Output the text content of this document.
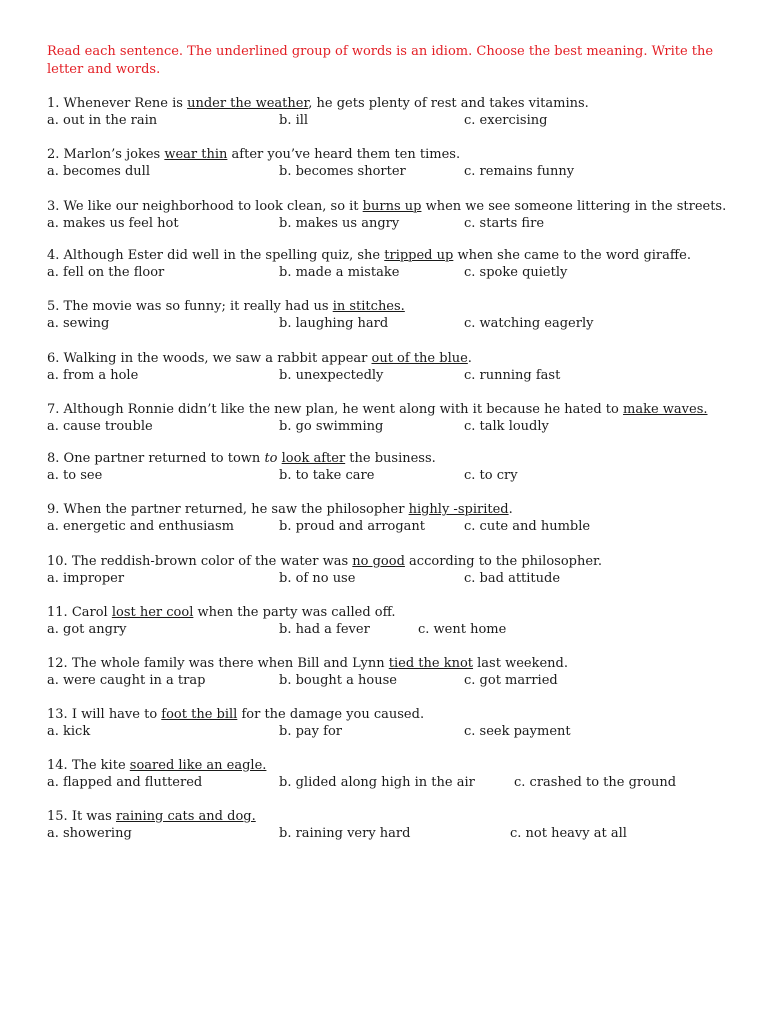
Read each sentence. The underlined group of words is an idiom. Choose the best meaning. Write the letter and words.
1. Whenever Rene is under the weather, he gets plenty of rest and takes vitamins.
a. out in the rain	b. ill	c. exercising
2. Marlon’s jokes wear thin after you’ve heard them ten times.
a. becomes dull	b. becomes shorter	c. remains funny
3. We like our neighborhood to look clean, so it burns up when we see someone littering in the streets.
a. makes us feel hot	b. makes us angry	c. starts fire
4. Although Ester did well in the spelling quiz, she tripped up when she came to the word giraffe.
a. fell on the floor	b. made a mistake	c. spoke quietly
5. The movie was so funny; it really had us in stitches.
a. sewing	b. laughing hard	c. watching eagerly
6. Walking in the woods, we saw a rabbit appear out of the blue.
a. from a hole	b. unexpectedly	c. running fast
7. Although Ronnie didn’t like the new plan, he went along with it because he hated to make waves.
a. cause trouble	b. go swimming	c. talk loudly
8. One partner returned to town to look after the business.
a. to see	b. to take care	c. to cry
9. When the partner returned, he saw the philosopher highly -spirited.
a. energetic and enthusiasm	b. proud and arrogant	c. cute and humble
10. The reddish-brown color of the water was no good according to the philosopher.
a. improper	b. of no use	c. bad attitude
11. Carol lost her cool when the party was called off.
a. got angry	b. had a fever	c. went home
12. The whole family was there when Bill and Lynn tied the knot last weekend.
a. were caught in a trap	b. bought a house	c. got married
13. I will have to foot the bill for the damage you caused.
a. kick	b. pay for	c. seek payment
14. The kite soared like an eagle.
a. flapped and fluttered	b. glided along high in the air	c. crashed to the ground
15. It was raining cats and dog.
a. showering	b. raining very hard	c. not heavy at all
